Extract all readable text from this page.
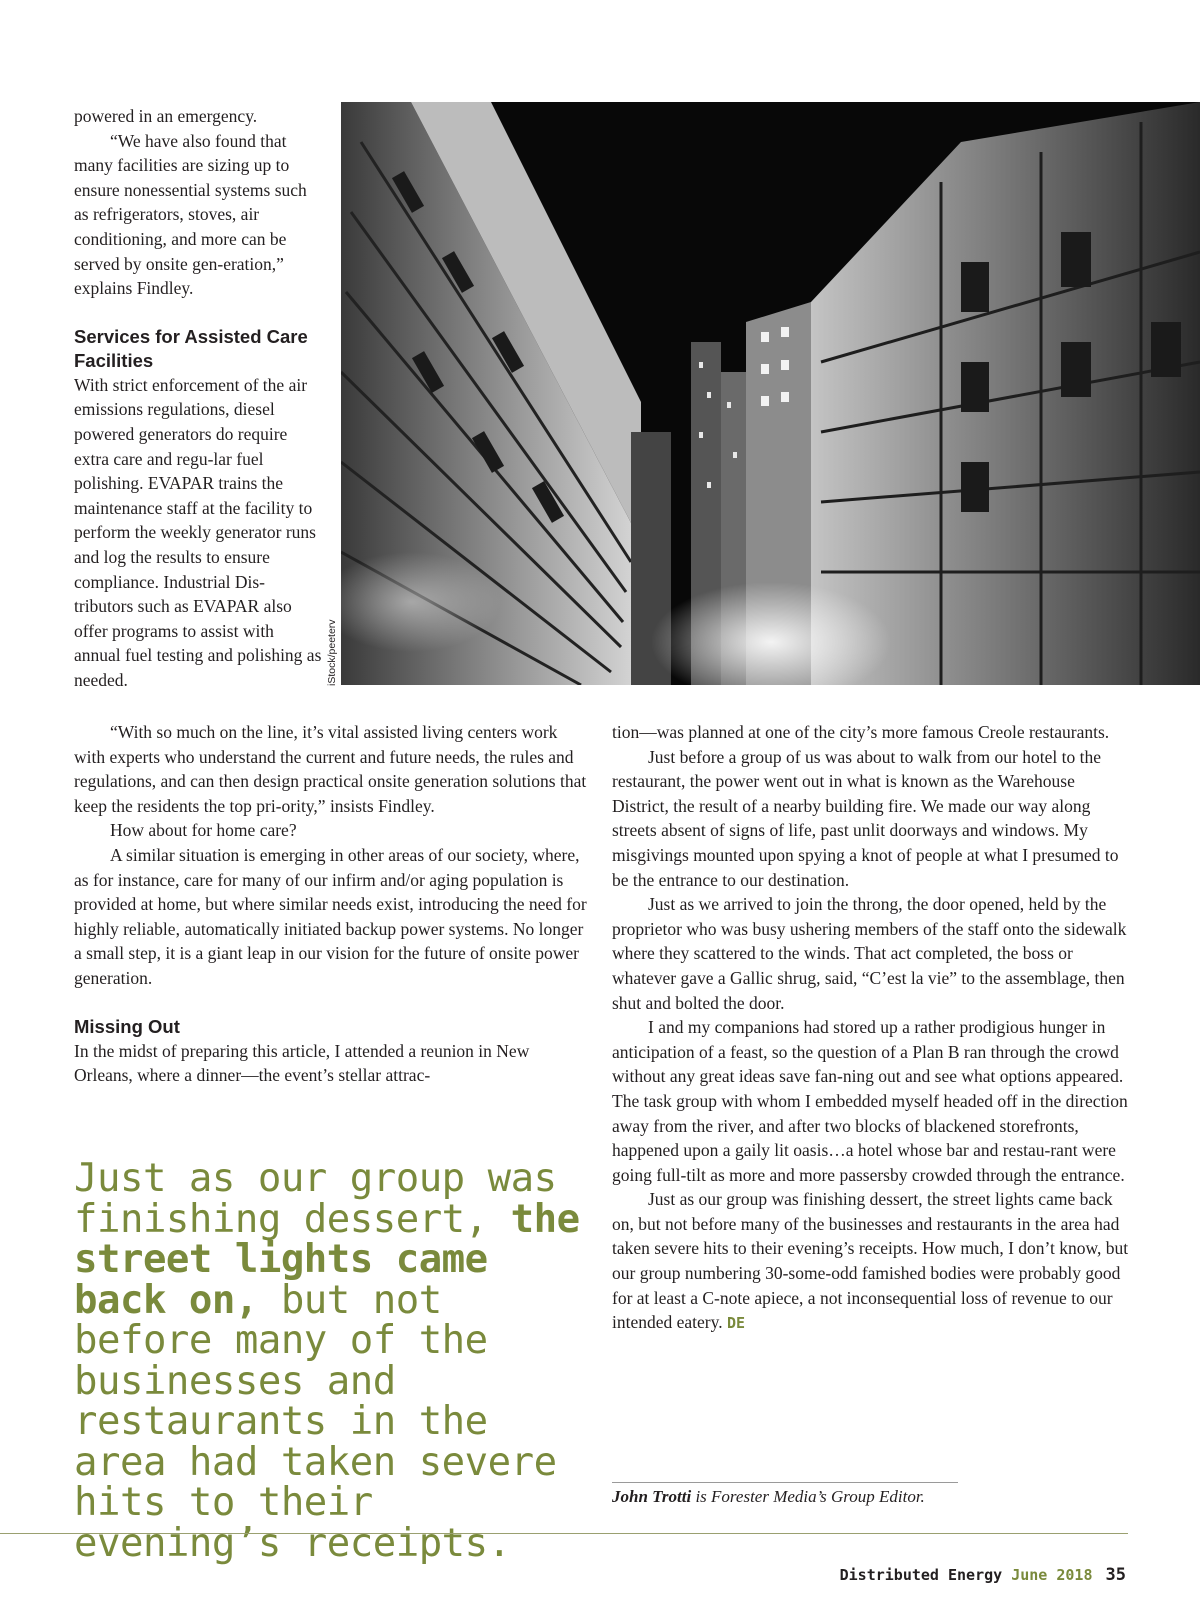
powered in an emergency.

“We have also found that many facilities are sizing up to ensure nonessential systems such as refrigerators, stoves, air conditioning, and more can be served by onsite gen-eration,” explains Findley.

Services for Assisted Care Facilities

With strict enforcement of the air emissions regulations, diesel powered generators do require extra care and regu-lar fuel polishing. EVAPAR trains the maintenance staff at the facility to perform the weekly generator runs and log the results to ensure compliance. Industrial Dis-tributors such as EVAPAR also offer programs to assist with annual fuel testing and polishing as needed.	iStock/peeterv

“With so much on the line, it’s vital assisted living centers work with experts who understand the current and future needs, the rules and regulations, and can then design practical onsite generation solutions that keep the residents the top pri-ority,” insists Findley.

How about for home care?

A similar situation is emerging in other areas of our society, where, as for instance, care for many of our infirm and/or aging population is provided at home, but where similar needs exist, introducing the need for highly reliable, automatically initiated backup power systems. No longer a small step, it is a giant leap in our vision for the future of onsite power generation.

Missing Out

In the midst of preparing this article, I attended a reunion in New Orleans, where a dinner—the event’s stellar attrac-

Just as our group was finishing dessert, the street lights came back on, but not before many of the businesses and restaurants in the area had taken severe hits to their evening’s receipts.

tion—was planned at one of the city’s more famous Creole restaurants.

Just before a group of us was about to walk from our hotel to the restaurant, the power went out in what is known as the Warehouse District, the result of a nearby building fire. We made our way along streets absent of signs of life, past unlit doorways and windows. My misgivings mounted upon spying a knot of people at what I presumed to be the entrance to our destination.

Just as we arrived to join the throng, the door opened, held by the proprietor who was busy ushering members of the staff onto the sidewalk where they scattered to the winds. That act completed, the boss or whatever gave a Gallic shrug, said, “C’est la vie” to the assemblage, then shut and bolted the door.

I and my companions had stored up a rather prodigious hunger in anticipation of a feast, so the question of a Plan B ran through the crowd without any great ideas save fan-ning out and see what options appeared. The task group with whom I embedded myself headed off in the direction away from the river, and after two blocks of blackened storefronts, happened upon a gaily lit oasis…a hotel whose bar and restau-rant were going full-tilt as more and more passersby crowded through the entrance.

Just as our group was finishing dessert, the street lights came back on, but not before many of the businesses and restaurants in the area had taken severe hits to their evening’s receipts. How much, I don’t know, but our group numbering 30-some-odd famished bodies were probably good for at least a C-note apiece, a not inconsequential loss of revenue to our intended eatery. DE

John Trotti is Forester Media’s Group Editor.
Distributed Energy June 2018 35
